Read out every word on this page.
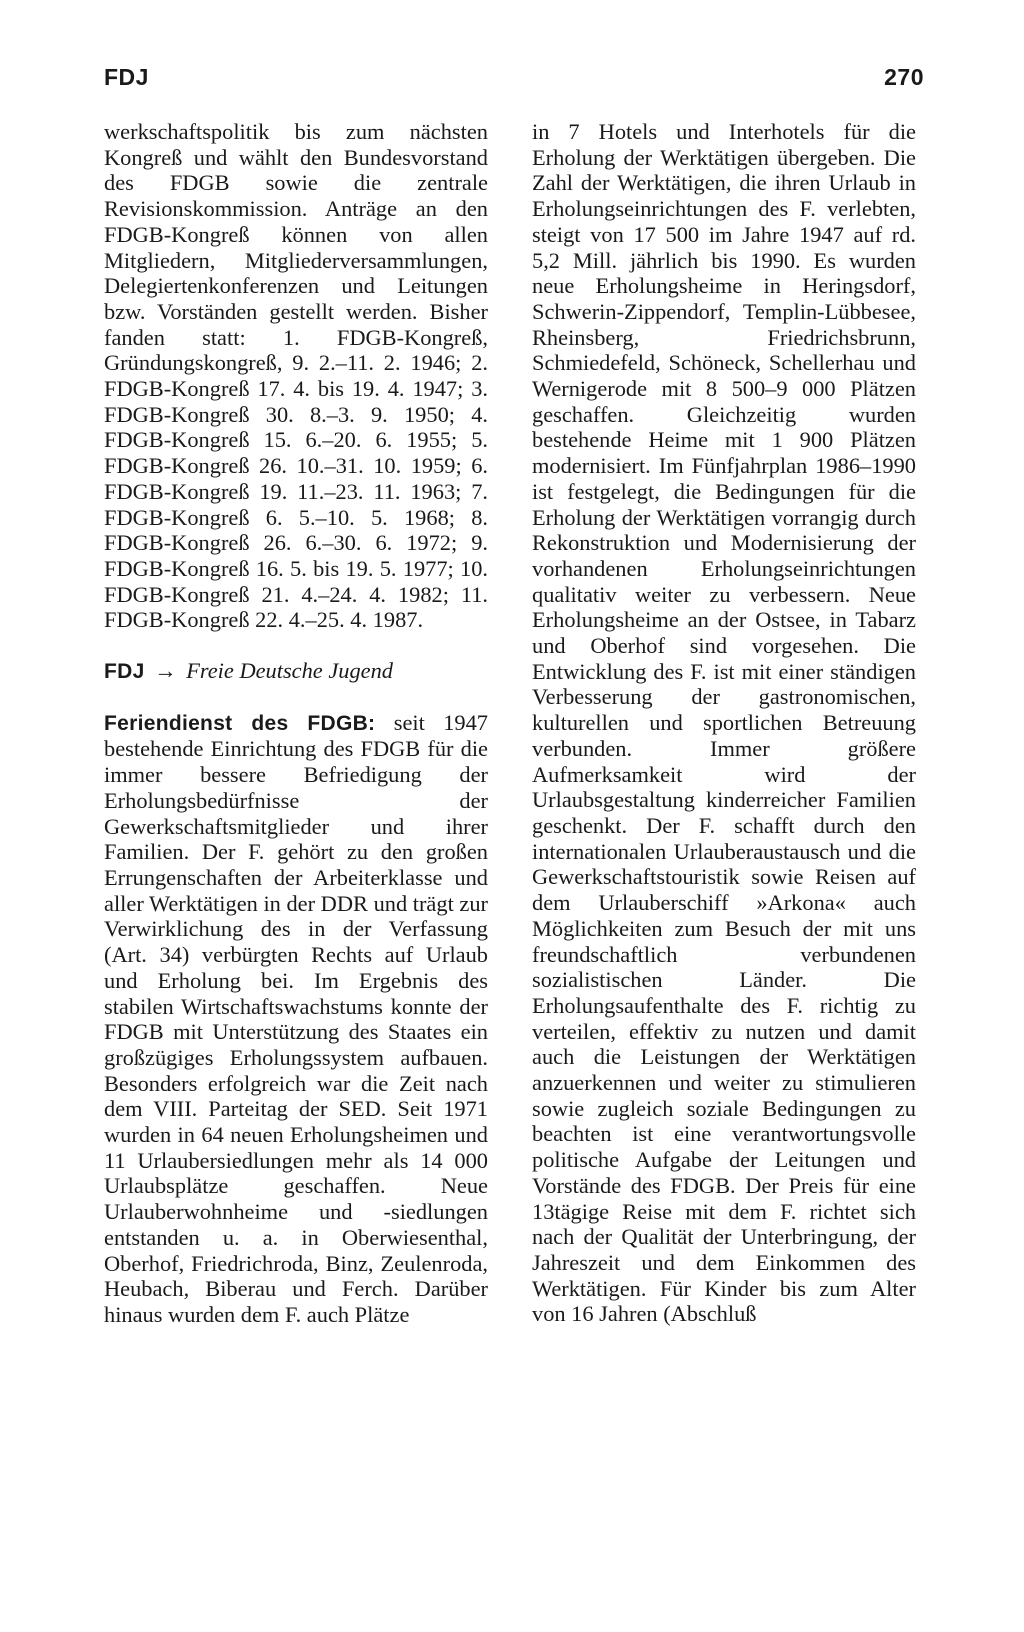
FDJ	270

werkschaftspolitik bis zum nächsten Kongreß und wählt den Bundesvorstand des FDGB sowie die zentrale Revisionskommission. Anträge an den FDGB-Kongreß können von allen Mitgliedern, Mitgliederversammlungen, Delegiertenkonferenzen und Leitungen bzw. Vorständen gestellt werden. Bisher fanden statt: 1. FDGB-Kongreß, Gründungskongreß, 9. 2.–11. 2. 1946; 2. FDGB-Kongreß 17. 4. bis 19. 4. 1947; 3. FDGB-Kongreß 30. 8.–3. 9. 1950; 4. FDGB-Kongreß 15. 6.–20. 6. 1955; 5. FDGB-Kongreß 26. 10.–31. 10. 1959; 6. FDGB-Kongreß 19. 11.–23. 11. 1963; 7. FDGB-Kongreß 6. 5.–10. 5. 1968; 8. FDGB-Kongreß 26. 6.–30. 6. 1972; 9. FDGB-Kongreß 16. 5. bis 19. 5. 1977; 10. FDGB-Kongreß 21. 4.–24. 4. 1982; 11. FDGB-Kongreß 22. 4.–25. 4. 1987.

FDJ → Freie Deutsche Jugend

Feriendienst des FDGB: seit 1947 bestehende Einrichtung des FDGB für die immer bessere Befriedigung der Erholungsbedürfnisse der Gewerkschaftsmitglieder und ihrer Familien. Der F. gehört zu den großen Errungenschaften der Arbeiterklasse und aller Werktätigen in der DDR und trägt zur Verwirklichung des in der Verfassung (Art. 34) verbürgten Rechts auf Urlaub und Erholung bei. Im Ergebnis des stabilen Wirtschaftswachstums konnte der FDGB mit Unterstützung des Staates ein großzügiges Erholungssystem aufbauen. Besonders erfolgreich war die Zeit nach dem VIII. Parteitag der SED. Seit 1971 wurden in 64 neuen Erholungsheimen und 11 Urlaubersiedlungen mehr als 14 000 Urlaubsplätze geschaffen. Neue Urlauberwohnheime und -siedlungen entstanden u. a. in Oberwiesenthal, Oberhof, Friedrichroda, Binz, Zeulenroda, Heubach, Biberau und Ferch. Darüber hinaus wurden dem F. auch Plätze

in 7 Hotels und Interhotels für die Erholung der Werktätigen übergeben. Die Zahl der Werktätigen, die ihren Urlaub in Erholungseinrichtungen des F. verlebten, steigt von 17 500 im Jahre 1947 auf rd. 5,2 Mill. jährlich bis 1990. Es wurden neue Erholungsheime in Heringsdorf, Schwerin-Zippendorf, Templin-Lübbesee, Rheinsberg, Friedrichsbrunn, Schmiedefeld, Schöneck, Schellerhau und Wernigerode mit 8 500–9 000 Plätzen geschaffen. Gleichzeitig wurden bestehende Heime mit 1 900 Plätzen modernisiert. Im Fünfjahrplan 1986–1990 ist festgelegt, die Bedingungen für die Erholung der Werktätigen vorrangig durch Rekonstruktion und Modernisierung der vorhandenen Erholungseinrichtungen qualitativ weiter zu verbessern. Neue Erholungsheime an der Ostsee, in Tabarz und Oberhof sind vorgesehen. Die Entwicklung des F. ist mit einer ständigen Verbesserung der gastronomischen, kulturellen und sportlichen Betreuung verbunden. Immer größere Aufmerksamkeit wird der Urlaubsgestaltung kinderreicher Familien geschenkt. Der F. schafft durch den internationalen Urlauberaustausch und die Gewerkschaftstouristik sowie Reisen auf dem Urlauberschiff »Arkona« auch Möglichkeiten zum Besuch der mit uns freundschaftlich verbundenen sozialistischen Länder. Die Erholungsaufenthalte des F. richtig zu verteilen, effektiv zu nutzen und damit auch die Leistungen der Werktätigen anzuerkennen und weiter zu stimulieren sowie zugleich soziale Bedingungen zu beachten ist eine verantwortungsvolle politische Aufgabe der Leitungen und Vorstände des FDGB. Der Preis für eine 13tägige Reise mit dem F. richtet sich nach der Qualität der Unterbringung, der Jahreszeit und dem Einkommen des Werktätigen. Für Kinder bis zum Alter von 16 Jahren (Abschluß
